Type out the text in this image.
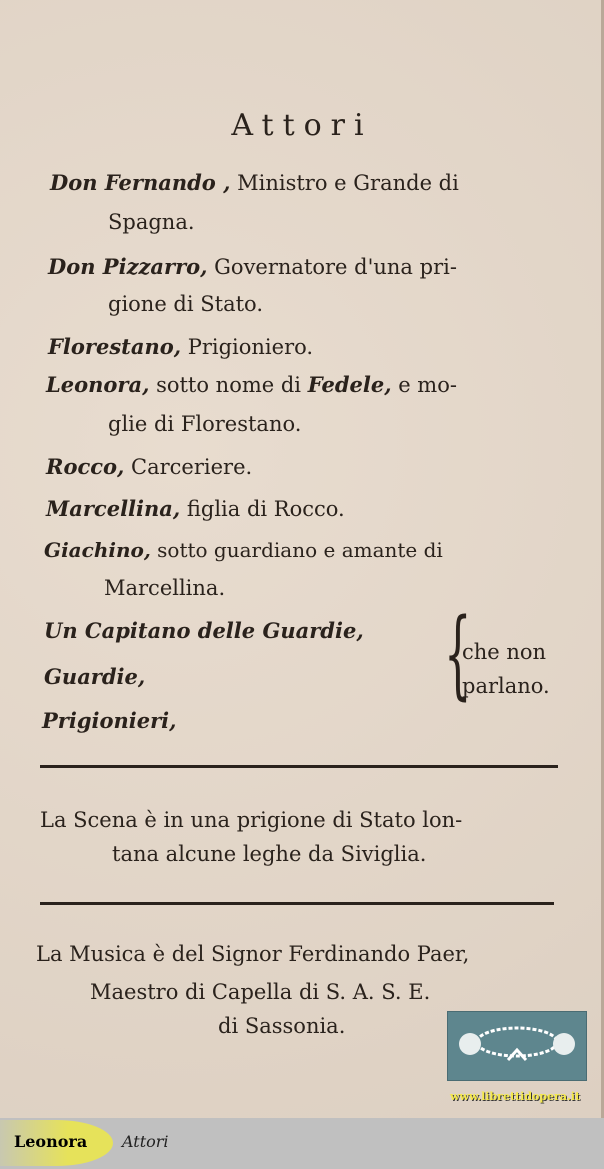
Attori
Don Fernando , Ministro e Grande di
Spagna.
Don Pizzarro, Governatore d'una pri-
gione di Stato.
Florestano, Prigioniero.
Leonora, sotto nome di Fedele, e mo-
glie di Florestano.
Rocco, Carceriere.
Marcellina, figlia di Rocco.
Giachino, sotto guardiano e amante di
Marcellina.
Un Capitano delle Guardie,
Guardie,
Prigionieri,
{
che non
parlano.
La Scena è in una prigione di Stato lon-
tana alcune leghe da Siviglia.
La Musica è del Signor Ferdinando Paer,
Maestro di Capella di S. A. S. E.
di Sassonia.
www.librettidopera.it
Leonora Attori
